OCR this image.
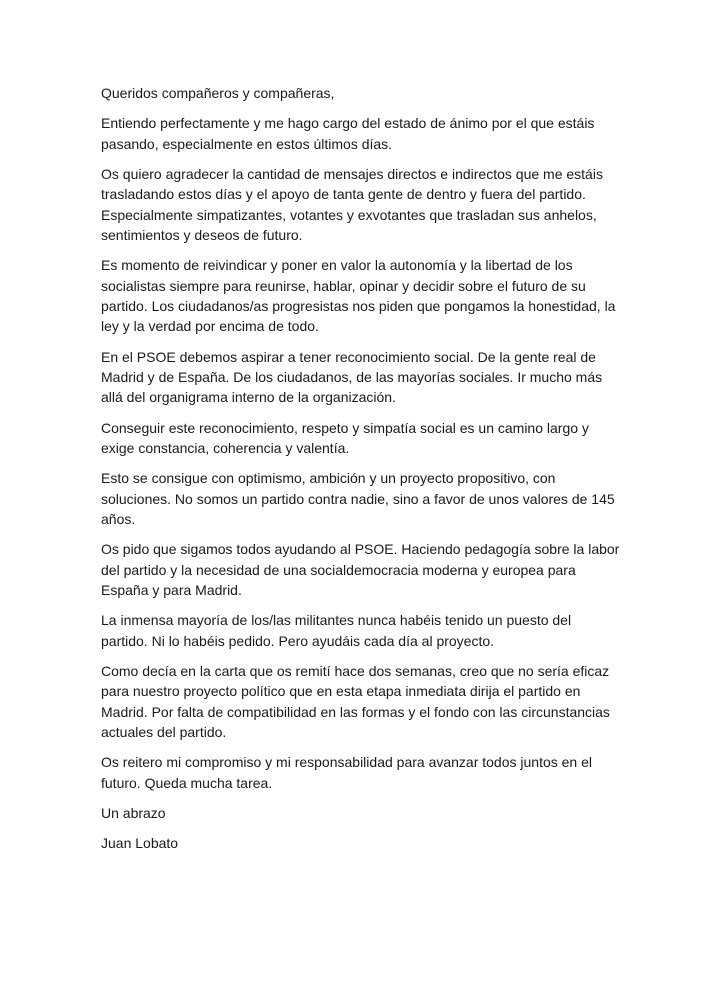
Queridos compañeros y compañeras,

Entiendo perfectamente y me hago cargo del estado de ánimo por el que estáis pasando, especialmente en estos últimos días.

Os quiero agradecer la cantidad de mensajes directos e indirectos que me estáis trasladando estos días y el apoyo de tanta gente de dentro y fuera del partido. Especialmente simpatizantes, votantes y exvotantes que trasladan sus anhelos, sentimientos y deseos de futuro.

Es momento de reivindicar y poner en valor la autonomía y la libertad de los socialistas siempre para reunirse, hablar, opinar y decidir sobre el futuro de su partido. Los ciudadanos/as progresistas nos piden que pongamos la honestidad, la ley y la verdad por encima de todo.

En el PSOE debemos aspirar a tener reconocimiento social. De la gente real de Madrid y de España. De los ciudadanos, de las mayorías sociales. Ir mucho más allá del organigrama interno de la organización.

Conseguir este reconocimiento, respeto y simpatía social es un camino largo y exige constancia, coherencia y valentía.

Esto se consigue con optimismo, ambición y un proyecto propositivo, con soluciones. No somos un partido contra nadie, sino a favor de unos valores de 145 años.

Os pido que sigamos todos ayudando al PSOE. Haciendo pedagogía sobre la labor del partido y la necesidad de una socialdemocracia moderna y europea para España y para Madrid.

La inmensa mayoría de los/las militantes nunca habéis tenido un puesto del partido. Ni lo habéis pedido. Pero ayudáis cada día al proyecto.

Como decía en la carta que os remití hace dos semanas, creo que no sería eficaz para nuestro proyecto político que en esta etapa inmediata dirija el partido en Madrid. Por falta de compatibilidad en las formas y el fondo con las circunstancias actuales del partido.

Os reitero mi compromiso y mi responsabilidad para avanzar todos juntos en el futuro. Queda mucha tarea.

Un abrazo

Juan Lobato
